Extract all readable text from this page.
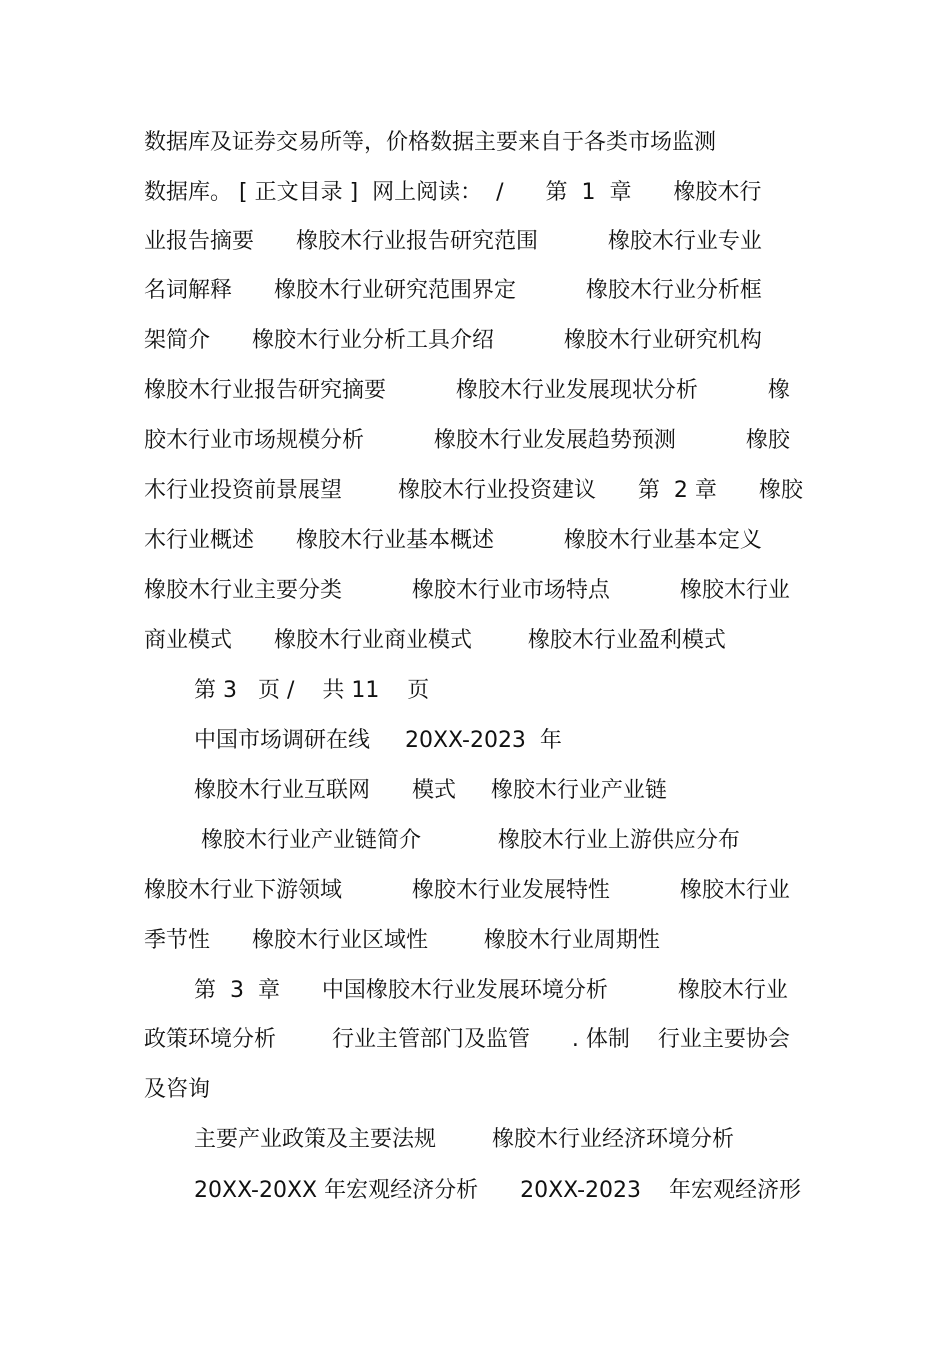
数据库及证券交易所等，价格数据主要来自于各类市场监测
数据库。 [ 正文目录 ]  网上阅读：  /      第  1  章      橡胶木行
业报告摘要      橡胶木行业报告研究范围          橡胶木行业专业
名词解释      橡胶木行业研究范围界定          橡胶木行业分析框
架简介      橡胶木行业分析工具介绍          橡胶木行业研究机构
橡胶木行业报告研究摘要          橡胶木行业发展现状分析          橡
胶木行业市场规模分析          橡胶木行业发展趋势预测          橡胶
木行业投资前景展望        橡胶木行业投资建议      第  2 章      橡胶
木行业概述      橡胶木行业基本概述          橡胶木行业基本定义
橡胶木行业主要分类          橡胶木行业市场特点          橡胶木行业
商业模式      橡胶木行业商业模式        橡胶木行业盈利模式
第 3   页 /    共 11    页
中国市场调研在线     20XX-2023  年
橡胶木行业互联网      模式     橡胶木行业产业链
橡胶木行业产业链简介           橡胶木行业上游供应分布
橡胶木行业下游领域          橡胶木行业发展特性          橡胶木行业
季节性      橡胶木行业区域性        橡胶木行业周期性
第  3  章      中国橡胶木行业发展环境分析          橡胶木行业
政策环境分析        行业主管部门及监管      . 体制    行业主要协会
及咨询
主要产业政策及主要法规        橡胶木行业经济环境分析
20XX-20XX 年宏观经济分析      20XX-2023    年宏观经济形
